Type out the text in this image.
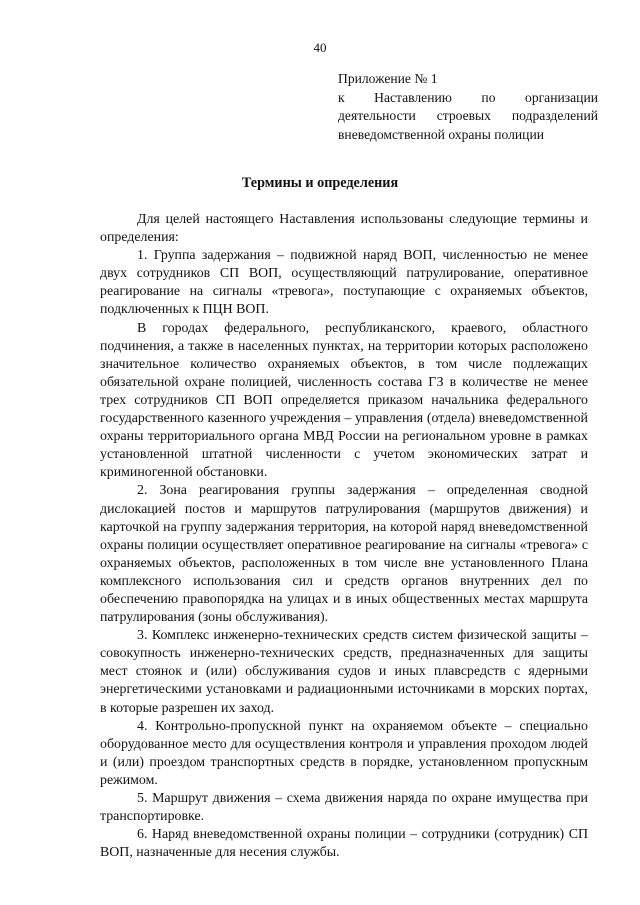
40
Приложение № 1
к Наставлению по организации
деятельности строевых подразделений
вневедомственной охраны полиции
Термины и определения

Для целей настоящего Наставления использованы следующие термины и определения:

1. Группа задержания – подвижной наряд ВОП, численностью не менее двух сотрудников СП ВОП, осуществляющий патрулирование, оперативное реагирование на сигналы «тревога», поступающие с охраняемых объектов, подключенных к ПЦН ВОП.

В городах федерального, республиканского, краевого, областного подчинения, а также в населенных пунктах, на территории которых расположено значительное количество охраняемых объектов, в том числе подлежащих обязательной охране полицией, численность состава ГЗ в количестве не менее трех сотрудников СП ВОП определяется приказом начальника федерального государственного казенного учреждения – управления (отдела) вневедомственной охраны территориального органа МВД России на региональном уровне в рамках установленной штатной численности с учетом экономических затрат и криминогенной обстановки.

2. Зона реагирования группы задержания – определенная сводной дислокацией постов и маршрутов патрулирования (маршрутов движения) и карточкой на группу задержания территория, на которой наряд вневедомственной охраны полиции осуществляет оперативное реагирование на сигналы «тревога» с охраняемых объектов, расположенных в том числе вне установленного Плана комплексного использования сил и средств органов внутренних дел по обеспечению правопорядка на улицах и в иных общественных местах маршрута патрулирования (зоны обслуживания).

3. Комплекс инженерно-технических средств систем физической защиты – совокупность инженерно-технических средств, предназначенных для защиты мест стоянок и (или) обслуживания судов и иных плавсредств с ядерными энергетическими установками и радиационными источниками в морских портах, в которые разрешен их заход.

4. Контрольно-пропускной пункт на охраняемом объекте – специально оборудованное место для осуществления контроля и управления проходом людей и (или) проездом транспортных средств в порядке, установленном пропускным режимом.

5. Маршрут движения – схема движения наряда по охране имущества при транспортировке.

6. Наряд вневедомственной охраны полиции – сотрудники (сотрудник) СП ВОП, назначенные для несения службы.
